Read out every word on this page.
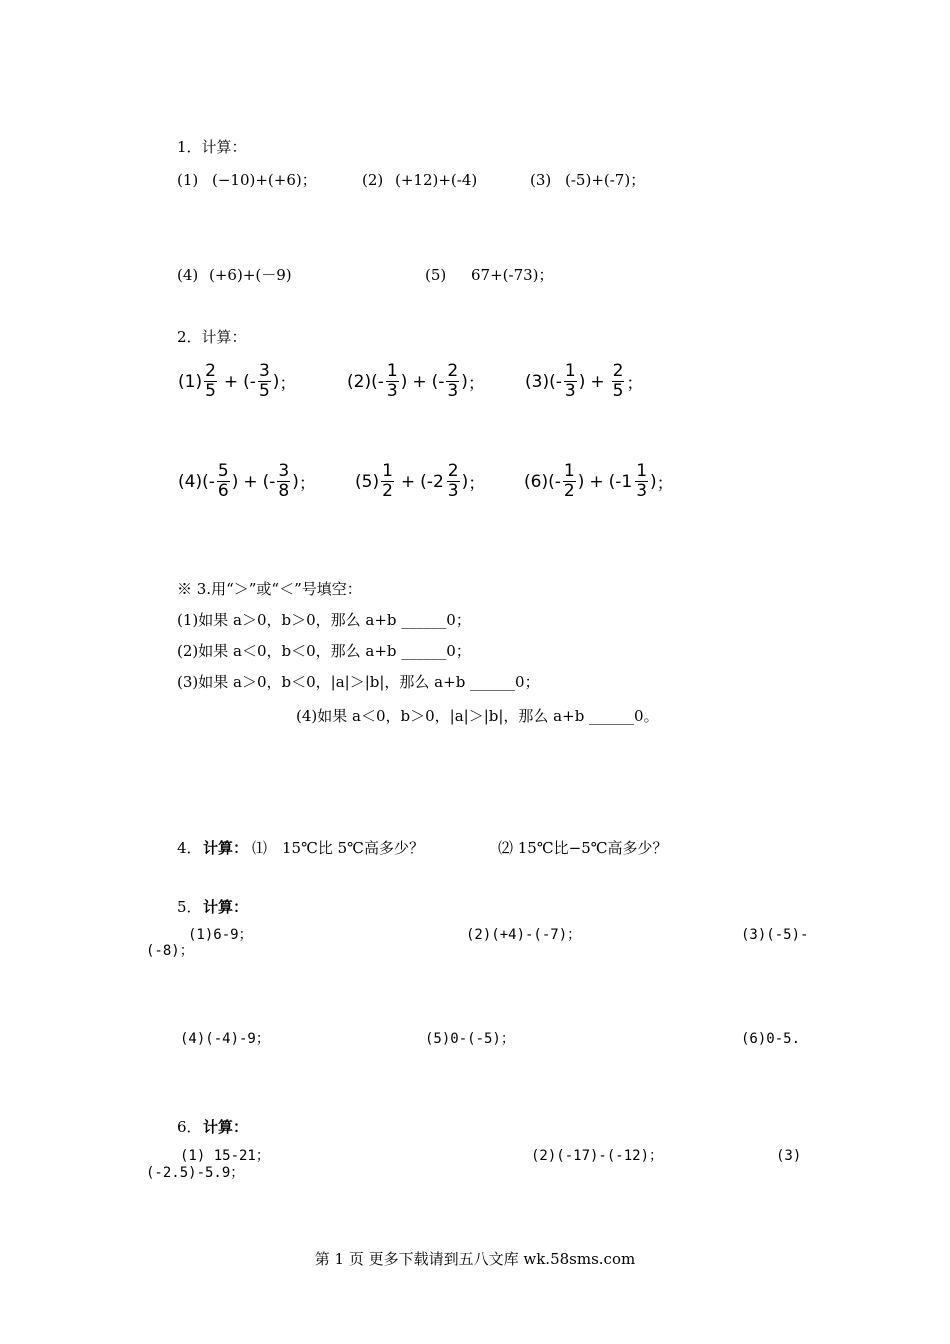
1．计算：
(1) (−10)+(+6)；	(2) (+12)+(-4)	(3) (-5)+(-7)；
(4) (+6)+(－9)	(5) 67+(-73)；
2．计算：
$(1) \frac{2}{5}$ + (- $\frac{3}{5}$ ) ；	(2) (- $\frac{1}{3}$ ) + (- $\frac{2}{3}$ ) ； (3) (- $\frac{1}{3}$ ) + $\frac{2}{5}$ ；
(4) (- $\frac{5}{6}$ ) + (- $\frac{3}{8}$ ) ； $(5) \frac{1}{2}$ + (- $2 \frac{2}{3}$ ) ； (6) (- $\frac{1}{2}$ ) + (- $1 \frac{1}{3}$ ) ；
※ 3.用“＞”或“＜”号填空：
(1)如果 a＞0，b＞0，那么 a+b ______0；
(2)如果 a＜0，b＜0，那么 a+b ______0；
(3)如果 a＞0，b＜0，|a|＞|b|，那么 a+b ______0；
(4)如果 a＜0，b＞0，|a|＞|b|，那么 a+b ______0。
4． 计算： ⑴　15℃比 5℃高多少？	⑵ 15℃比−5℃高多少？
5． 计算：
(1)6-9；	(2)(+4)-(-7)；	(3)(-5)-
(-8)；
(4)(-4)-9；	(5)0-(-5)；	(6)0-5.
6． 计算：
(1) 15-21；	(2)(-17)-(-12)；	(3)
(-2.5)-5.9；
第 1 页 更多下载请到五八文库 wk.58sms.com
